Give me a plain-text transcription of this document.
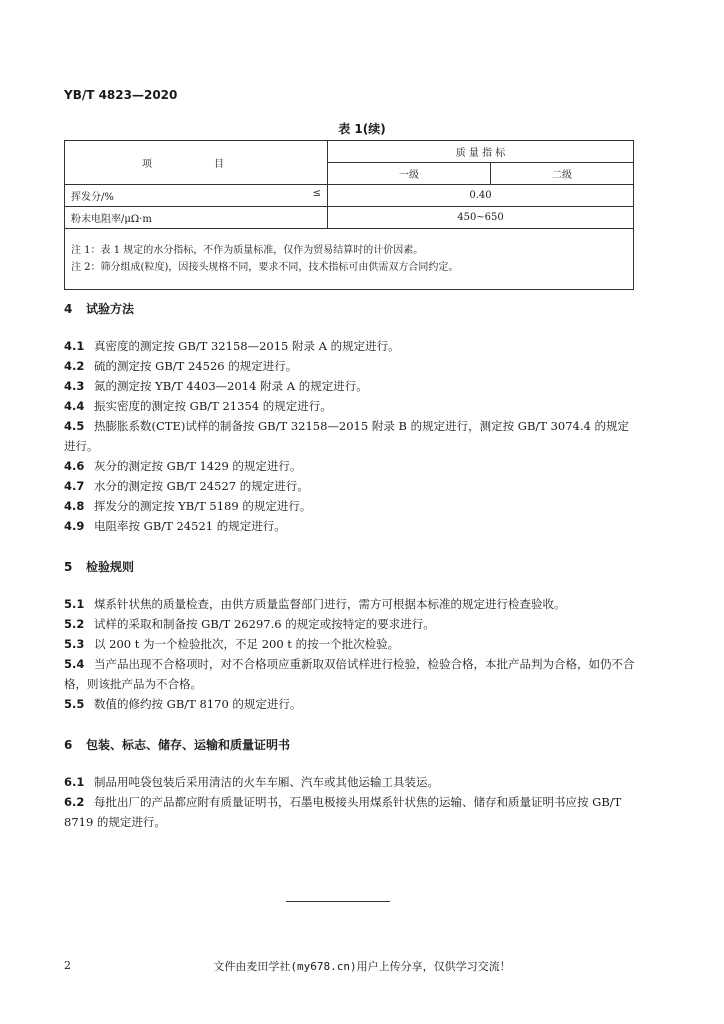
YB/T 4823—2020
表 1(续)
项　目	质 量 指 标	
	一级	二级
挥发分/% ≤	0.40	
粉末电阻率/μΩ·m	450~650	

注 1：表 1 规定的水分指标，不作为质量标准，仅作为贸易结算时的计价因素。
注 2：筛分组成(粒度)，因接头规格不同，要求不同，技术指标可由供需双方合同约定。		
4 试验方法
4.1 真密度的测定按 GB/T 32158—2015 附录 A 的规定进行。
4.2 硫的测定按 GB/T 24526 的规定进行。
4.3 氮的测定按 YB/T 4403—2014 附录 A 的规定进行。
4.4 振实密度的测定按 GB/T 21354 的规定进行。
4.5 热膨胀系数(CTE)试样的制备按 GB/T 32158—2015 附录 B 的规定进行，测定按 GB/T 3074.4 的规定进行。
4.6 灰分的测定按 GB/T 1429 的规定进行。
4.7 水分的测定按 GB/T 24527 的规定进行。
4.8 挥发分的测定按 YB/T 5189 的规定进行。
4.9 电阻率按 GB/T 24521 的规定进行。
5 检验规则
5.1 煤系针状焦的质量检查，由供方质量监督部门进行，需方可根据本标准的规定进行检查验收。
5.2 试样的采取和制备按 GB/T 26297.6 的规定或按特定的要求进行。
5.3 以 200 t 为一个检验批次，不足 200 t 的按一个批次检验。
5.4 当产品出现不合格项时，对不合格项应重新取双倍试样进行检验，检验合格，本批产品判为合格，如仍不合格，则该批产品为不合格。
5.5 数值的修约按 GB/T 8170 的规定进行。
6 包装、标志、储存、运输和质量证明书
6.1 制品用吨袋包装后采用清洁的火车车厢、汽车或其他运输工具装运。
6.2 每批出厂的产品都应附有质量证明书，石墨电极接头用煤系针状焦的运输、储存和质量证明书应按 GB/T 8719 的规定进行。
2	文件由麦田学社(my678.cn)用户上传分享，仅供学习交流！
